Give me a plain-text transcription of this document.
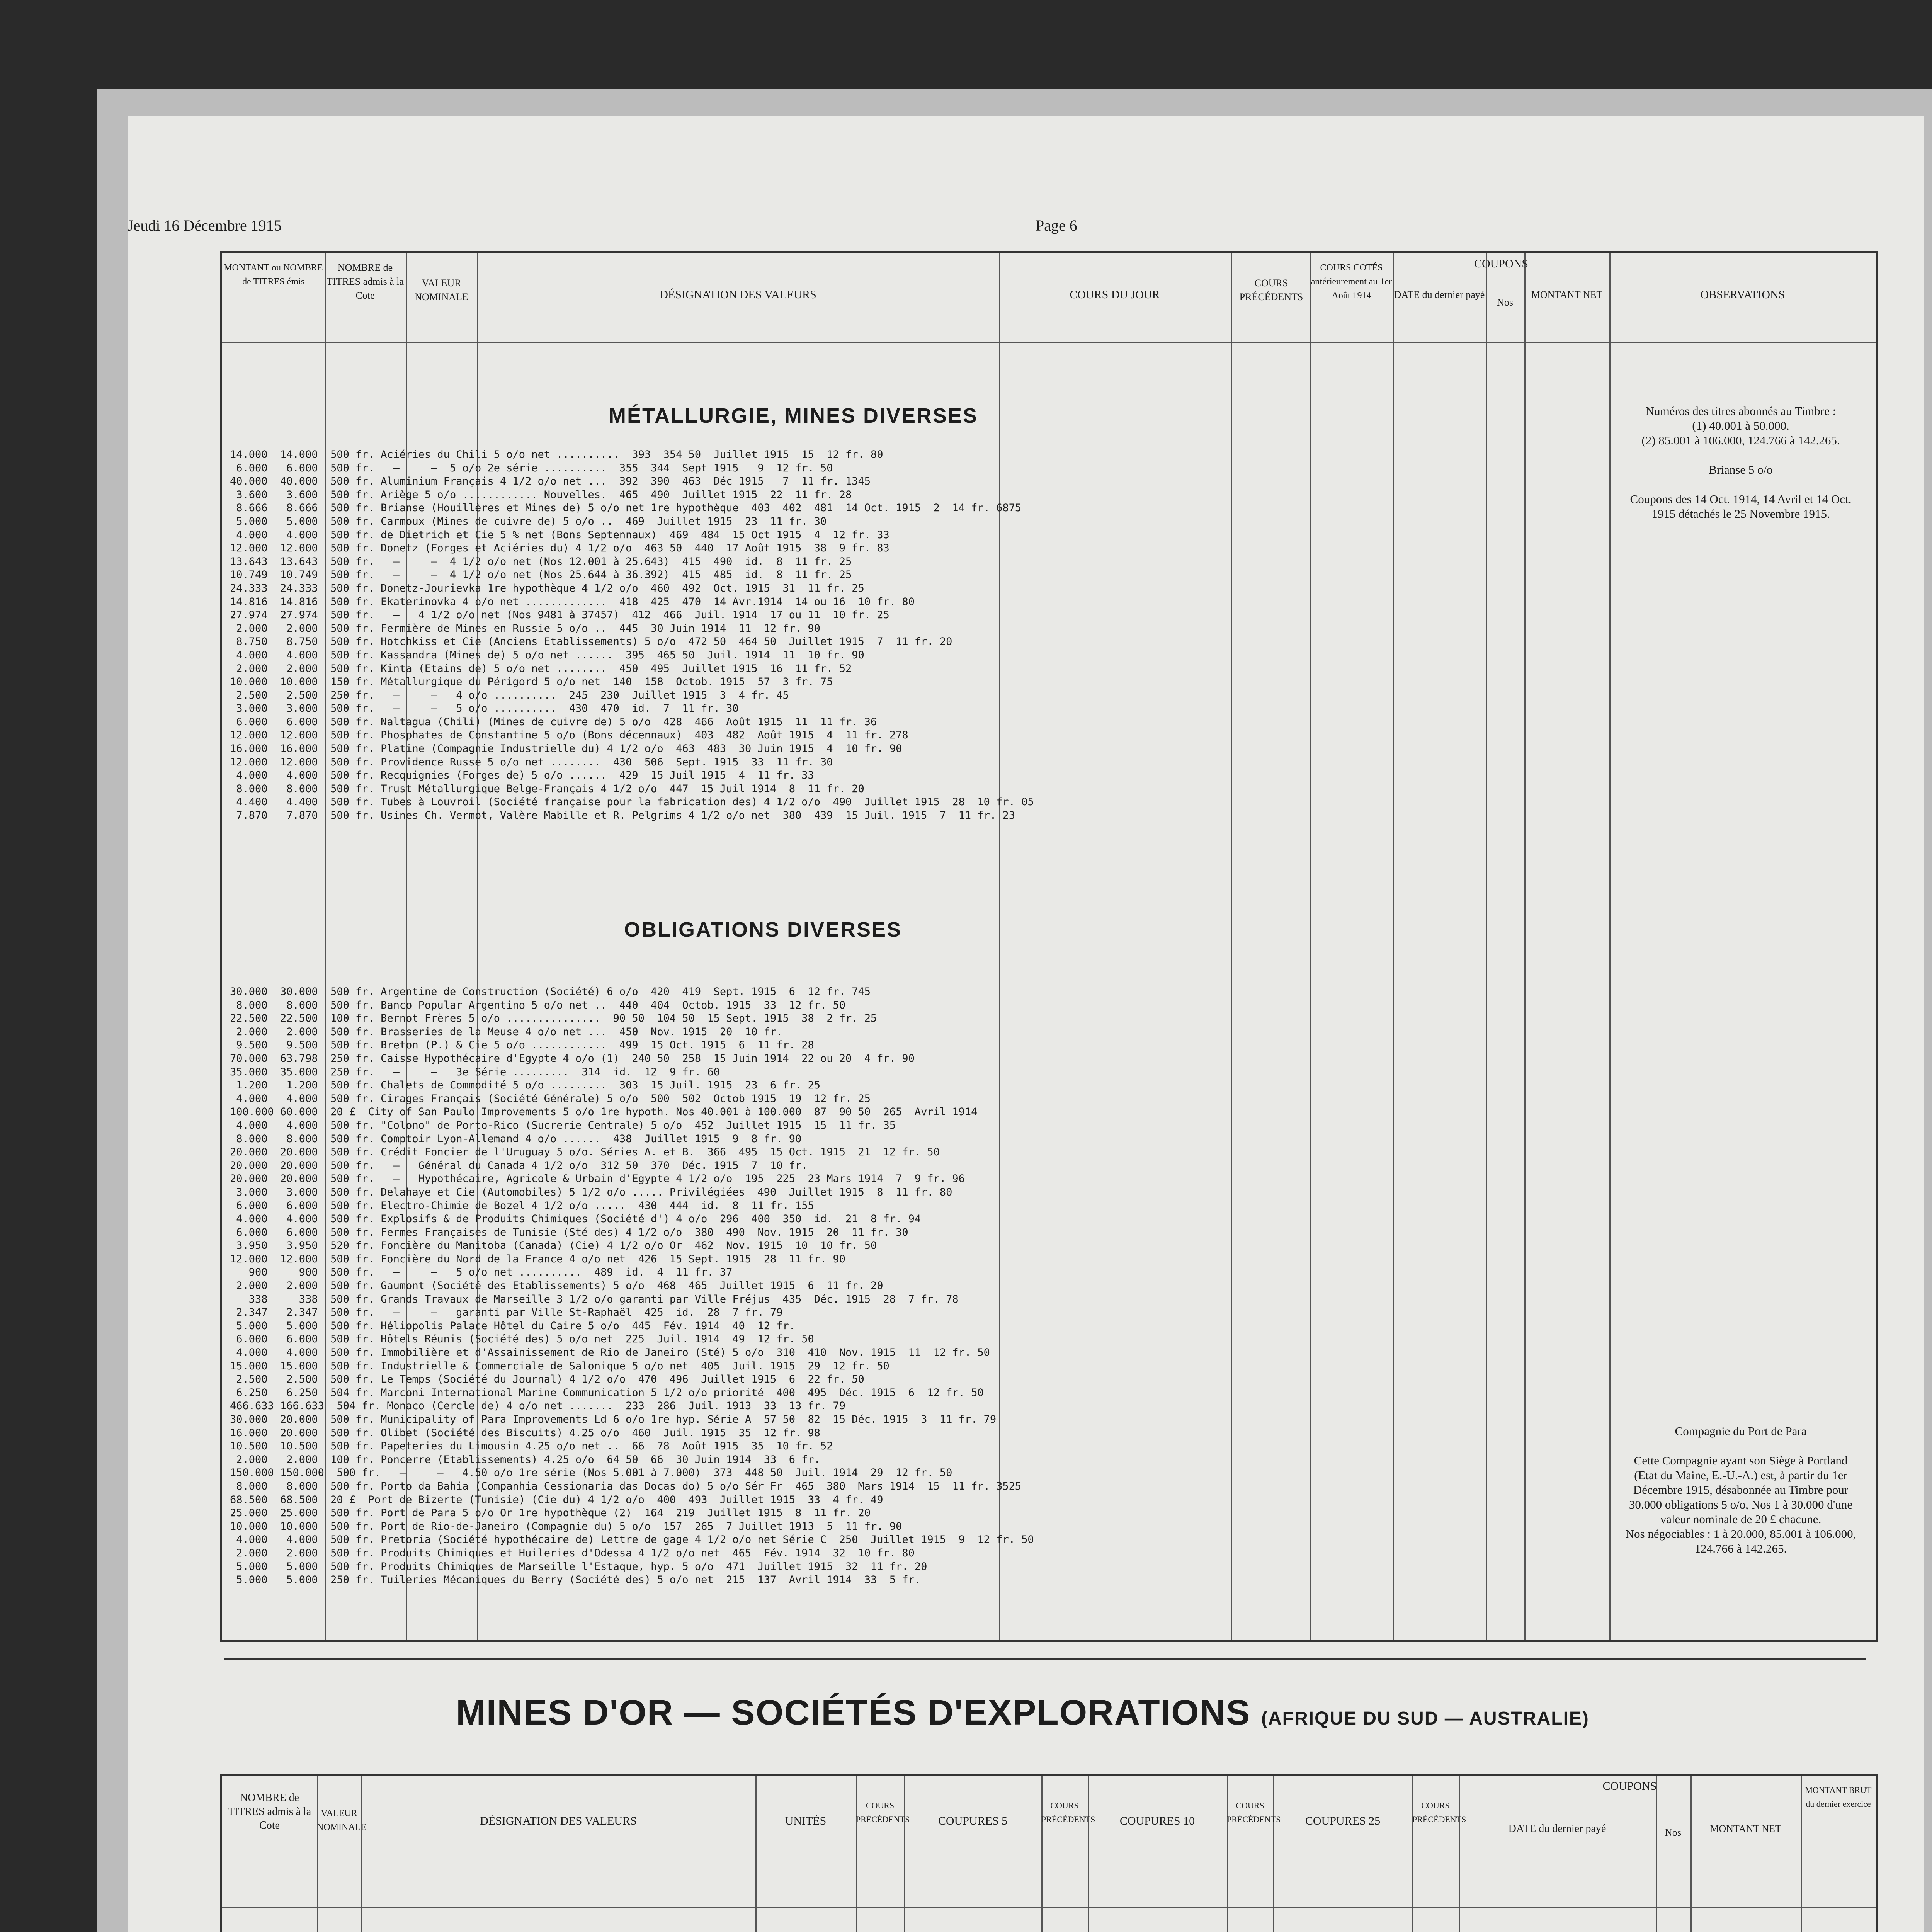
Jeudi 16 Décembre 1915	Page 6
MONTANT ou NOMBRE de TITRES émis
NOMBRE de TITRES admis à la Cote
VALEUR NOMINALE	DÉSIGNATION DES VALEURS	COURS DU JOUR
COURS PRÉCÉDENTS
COURS COTÉS antérieurement au 1er Août 1914
COUPONS
DATE du dernier payé
Nos
MONTANT NET	OBSERVATIONS
MÉTALLURGIE, MINES DIVERSES
14.000  14.000  500 fr. Aciéries du Chili 5 o/o net ..........  393  354 50  Juillet 1915  15  12 fr. 80
6.000   6.000  500 fr.   —     —  5 o/o 2e série ..........  355  344  Sept 1915   9  12 fr. 50
40.000  40.000  500 fr. Aluminium Français 4 1/2 o/o net ...  392  390  463  Déc 1915   7  11 fr. 1345
3.600   3.600  500 fr. Ariège 5 o/o ............ Nouvelles.  465  490  Juillet 1915  22  11 fr. 28
8.666   8.666  500 fr. Brianse (Houillères et Mines de) 5 o/o net 1re hypothèque  403  402  481  14 Oct. 1915  2  14 fr. 6875
5.000   5.000  500 fr. Carmoux (Mines de cuivre de) 5 o/o ..  469  Juillet 1915  23  11 fr. 30
4.000   4.000  500 fr. de Dietrich et Cie 5 % net (Bons Septennaux)  469  484  15 Oct 1915  4  12 fr. 33
12.000  12.000  500 fr. Donetz (Forges et Aciéries du) 4 1/2 o/o  463 50  440  17 Août 1915  38  9 fr. 83
13.643  13.643  500 fr.   —     —  4 1/2 o/o net (Nos 12.001 à 25.643)  415  490  id.  8  11 fr. 25
10.749  10.749  500 fr.   —     —  4 1/2 o/o net (Nos 25.644 à 36.392)  415  485  id.  8  11 fr. 25
24.333  24.333  500 fr. Donetz-Jourievka 1re hypothèque 4 1/2 o/o  460  492  Oct. 1915  31  11 fr. 25
14.816  14.816  500 fr. Ekaterinovka 4 o/o net .............  418  425  470  14 Avr.1914  14 ou 16  10 fr. 80
27.974  27.974  500 fr.   —   4 1/2 o/o net (Nos 9481 à 37457)  412  466  Juil. 1914  17 ou 11  10 fr. 25
2.000   2.000  500 fr. Fermière de Mines en Russie 5 o/o ..  445  30 Juin 1914  11  12 fr. 90
8.750   8.750  500 fr. Hotchkiss et Cie (Anciens Etablissements) 5 o/o  472 50  464 50  Juillet 1915  7  11 fr. 20
4.000   4.000  500 fr. Kassandra (Mines de) 5 o/o net ......  395  465 50  Juil. 1914  11  10 fr. 90
2.000   2.000  500 fr. Kinta (Etains de) 5 o/o net ........  450  495  Juillet 1915  16  11 fr. 52
10.000  10.000  150 fr. Métallurgique du Périgord 5 o/o net  140  158  Octob. 1915  57  3 fr. 75
2.500   2.500  250 fr.   —     —   4 o/o ..........  245  230  Juillet 1915  3  4 fr. 45
3.000   3.000  500 fr.   —     —   5 o/o ..........  430  470  id.  7  11 fr. 30
6.000   6.000  500 fr. Naltagua (Chili) (Mines de cuivre de) 5 o/o  428  466  Août 1915  11  11 fr. 36
12.000  12.000  500 fr. Phosphates de Constantine 5 o/o (Bons décennaux)  403  482  Août 1915  4  11 fr. 278
16.000  16.000  500 fr. Platine (Compagnie Industrielle du) 4 1/2 o/o  463  483  30 Juin 1915  4  10 fr. 90
12.000  12.000  500 fr. Providence Russe 5 o/o net ........  430  506  Sept. 1915  33  11 fr. 30
4.000   4.000  500 fr. Recquignies (Forges de) 5 o/o ......  429  15 Juil 1915  4  11 fr. 33
8.000   8.000  500 fr. Trust Métallurgique Belge-Français 4 1/2 o/o  447  15 Juil 1914  8  11 fr. 20
4.400   4.400  500 fr. Tubes à Louvroil (Société française pour la fabrication des) 4 1/2 o/o  490  Juillet 1915  28  10 fr. 05
7.870   7.870  500 fr. Usines Ch. Vermot, Valère Mabille et R. Pelgrims 4 1/2 o/o net  380  439  15 Juil. 1915  7  11 fr. 23
OBLIGATIONS DIVERSES
30.000  30.000  500 fr. Argentine de Construction (Société) 6 o/o  420  419  Sept. 1915  6  12 fr. 745
8.000   8.000  500 fr. Banco Popular Argentino 5 o/o net ..  440  404  Octob. 1915  33  12 fr. 50
22.500  22.500  100 fr. Bernot Frères 5 o/o ...............  90 50  104 50  15 Sept. 1915  38  2 fr. 25
2.000   2.000  500 fr. Brasseries de la Meuse 4 o/o net ...  450  Nov. 1915  20  10 fr.
9.500   9.500  500 fr. Breton (P.) & Cie 5 o/o ............  499  15 Oct. 1915  6  11 fr. 28
70.000  63.798  250 fr. Caisse Hypothécaire d'Egypte 4 o/o (1)  240 50  258  15 Juin 1914  22 ou 20  4 fr. 90
35.000  35.000  250 fr.   —     —   3e Série .........  314  id.  12  9 fr. 60
1.200   1.200  500 fr. Chalets de Commodité 5 o/o .........  303  15 Juil. 1915  23  6 fr. 25
4.000   4.000  500 fr. Cirages Français (Société Générale) 5 o/o  500  502  Octob 1915  19  12 fr. 25
100.000 60.000  20 £  City of San Paulo Improvements 5 o/o 1re hypoth. Nos 40.001 à 100.000  87  90 50  265  Avril 1914
4.000   4.000  500 fr. "Colono" de Porto-Rico (Sucrerie Centrale) 5 o/o  452  Juillet 1915  15  11 fr. 35
8.000   8.000  500 fr. Comptoir Lyon-Allemand 4 o/o ......  438  Juillet 1915  9  8 fr. 90
20.000  20.000  500 fr. Crédit Foncier de l'Uruguay 5 o/o. Séries A. et B.  366  495  15 Oct. 1915  21  12 fr. 50
20.000  20.000  500 fr.   —   Général du Canada 4 1/2 o/o  312 50  370  Déc. 1915  7  10 fr.
20.000  20.000  500 fr.   —   Hypothécaire, Agricole & Urbain d'Egypte 4 1/2 o/o  195  225  23 Mars 1914  7  9 fr. 96
3.000   3.000  500 fr. Delahaye et Cie (Automobiles) 5 1/2 o/o ..... Privilégiées  490  Juillet 1915  8  11 fr. 80
6.000   6.000  500 fr. Electro-Chimie de Bozel 4 1/2 o/o .....  430  444  id.  8  11 fr. 155
4.000   4.000  500 fr. Explosifs & de Produits Chimiques (Société d') 4 o/o  296  400  350  id.  21  8 fr. 94
6.000   6.000  500 fr. Fermes Françaises de Tunisie (Sté des) 4 1/2 o/o  380  490  Nov. 1915  20  11 fr. 30
3.950   3.950  520 fr. Foncière du Manitoba (Canada) (Cie) 4 1/2 o/o Or  462  Nov. 1915  10  10 fr. 50
12.000  12.000  500 fr. Foncière du Nord de la France 4 o/o net  426  15 Sept. 1915  28  11 fr. 90
900     900  500 fr.   —     —   5 o/o net ..........  489  id.  4  11 fr. 37
2.000   2.000  500 fr. Gaumont (Société des Etablissements) 5 o/o  468  465  Juillet 1915  6  11 fr. 20
338     338  500 fr. Grands Travaux de Marseille 3 1/2 o/o garanti par Ville Fréjus  435  Déc. 1915  28  7 fr. 78
2.347   2.347  500 fr.   —     —   garanti par Ville St-Raphaël  425  id.  28  7 fr. 79
5.000   5.000  500 fr. Héliopolis Palace Hôtel du Caire 5 o/o  445  Fév. 1914  40  12 fr.
6.000   6.000  500 fr. Hôtels Réunis (Société des) 5 o/o net  225  Juil. 1914  49  12 fr. 50
4.000   4.000  500 fr. Immobilière et d'Assainissement de Rio de Janeiro (Sté) 5 o/o  310  410  Nov. 1915  11  12 fr. 50
15.000  15.000  500 fr. Industrielle & Commerciale de Salonique 5 o/o net  405  Juil. 1915  29  12 fr. 50
2.500   2.500  500 fr. Le Temps (Société du Journal) 4 1/2 o/o  470  496  Juillet 1915  6  22 fr. 50
6.250   6.250  504 fr. Marconi International Marine Communication 5 1/2 o/o priorité  400  495  Déc. 1915  6  12 fr. 50
466.633 166.633  504 fr. Monaco (Cercle de) 4 o/o net .......  233  286  Juil. 1913  33  13 fr. 79
30.000  20.000  500 fr. Municipality of Para Improvements Ld 6 o/o 1re hyp. Série A  57 50  82  15 Déc. 1915  3  11 fr. 79
16.000  20.000  500 fr. Olibet (Société des Biscuits) 4.25 o/o  460  Juil. 1915  35  12 fr. 98
10.500  10.500  500 fr. Papeteries du Limousin 4.25 o/o net ..  66  78  Août 1915  35  10 fr. 52
2.000   2.000  100 fr. Poncerre (Etablissements) 4.25 o/o  64 50  66  30 Juin 1914  33  6 fr.
150.000 150.000  500 fr.   —     —   4.50 o/o 1re série (Nos 5.001 à 7.000)  373  448 50  Juil. 1914  29  12 fr. 50
8.000   8.000  500 fr. Porto da Bahia (Companhia Cessionaria das Docas do) 5 o/o Sér Fr  465  380  Mars 1914  15  11 fr. 3525
68.500  68.500  20 £  Port de Bizerte (Tunisie) (Cie du) 4 1/2 o/o  400  493  Juillet 1915  33  4 fr. 49
25.000  25.000  500 fr. Port de Para 5 o/o Or 1re hypothèque (2)  164  219  Juillet 1915  8  11 fr. 20
10.000  10.000  500 fr. Port de Rio-de-Janeiro (Compagnie du) 5 o/o  157  265  7 Juillet 1913  5  11 fr. 90
4.000   4.000  500 fr. Pretoria (Société hypothécaire de) Lettre de gage 4 1/2 o/o net Série C  250  Juillet 1915  9  12 fr. 50
2.000   2.000  500 fr. Produits Chimiques et Huileries d'Odessa 4 1/2 o/o net  465  Fév. 1914  32  10 fr. 80
5.000   5.000  500 fr. Produits Chimiques de Marseille l'Estaque, hyp. 5 o/o  471  Juillet 1915  32  11 fr. 20
5.000   5.000  250 fr. Tuileries Mécaniques du Berry (Société des) 5 o/o net  215  137  Avril 1914  33  5 fr.
Numéros des titres abonnés au Timbre :
(1) 40.001 à 50.000.
(2) 85.001 à 106.000, 124.766 à 142.265.

Brianse 5 o/o

Coupons des 14 Oct. 1914, 14 Avril et 14 Oct. 1915 détachés le 25 Novembre 1915.
Compagnie du Port de Para

Cette Compagnie ayant son Siège à Portland (Etat du Maine, E.-U.-A.) est, à partir du 1er Décembre 1915, désabonnée au Timbre pour 30.000 obligations 5 o/o, Nos 1 à 30.000 d'une valeur nominale de 20 £ chacune.
Nos négociables : 1 à 20.000, 85.001 à 106.000, 124.766 à 142.265.
MINES D'OR — SOCIÉTÉS D'EXPLORATIONS (AFRIQUE DU SUD — AUSTRALIE)
NOMBRE de TITRES admis à la Cote
VALEUR NOMINALE	DÉSIGNATION DES VALEURS	UNITÉS
COURS PRÉCÉDENTS	COUPURES 5
COURS PRÉCÉDENTS	COUPURES 10
COURS PRÉCÉDENTS	COUPURES 25
COURS PRÉCÉDENTS
COUPONS
DATE du dernier payé	Nos	MONTANT NET
MONTANT BRUT du dernier exercice
